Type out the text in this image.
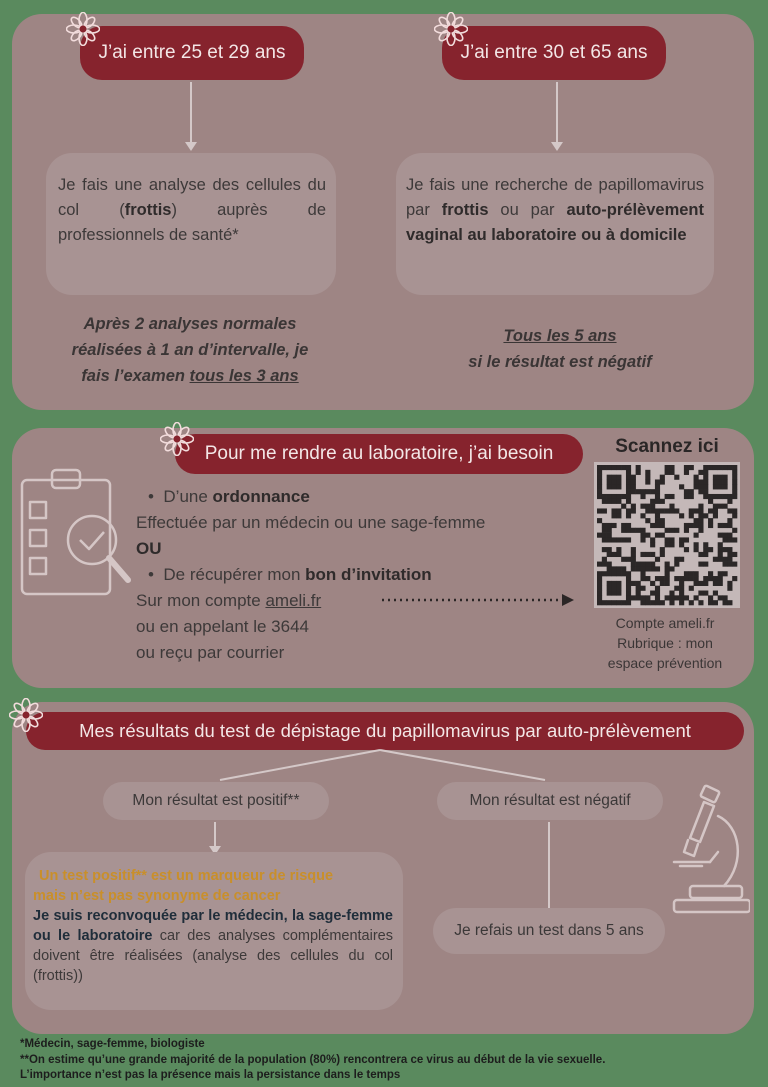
J’ai entre 25 et 29 ans	J’ai entre 30 et 65 ans
Je fais une analyse des cellules du col (frottis) auprès de professionnels de santé*
Je fais une recherche de papillomavirus par frottis ou par auto-prélèvement vaginal au laboratoire ou à domicile
Après 2 analyses normales
réalisées à 1 an d’intervalle, je
fais l’examen tous les 3 ans
Tous les 5 ans
si le résultat est négatif
Pour me rendre au laboratoire, j’ai besoin
•  D’une ordonnance
Effectuée par un médecin ou une sage-femme
OU
•  De récupérer mon bon d’invitation
Sur mon compte ameli.fr
ou en appelant le 3644
ou reçu par courrier
Scannez ici
Compte ameli.fr
Rubrique : mon
espace prévention
Mes résultats du test de dépistage du papillomavirus par auto-prélèvement
Mon résultat est positif**	Mon résultat est négatif
Un test positif** est un marqueur de risque
mais n’est pas synonyme de cancer
Je suis reconvoquée par le médecin, la sage-femme ou le laboratoire car des analyses complémentaires doivent être réalisées (analyse des cellules du col (frottis))
Je refais un test dans 5 ans
*Médecin, sage-femme, biologiste
**On estime qu’une grande majorité de la population (80%) rencontrera ce virus au début de la vie sexuelle.
L’importance n’est pas la présence mais la persistance dans le temps
